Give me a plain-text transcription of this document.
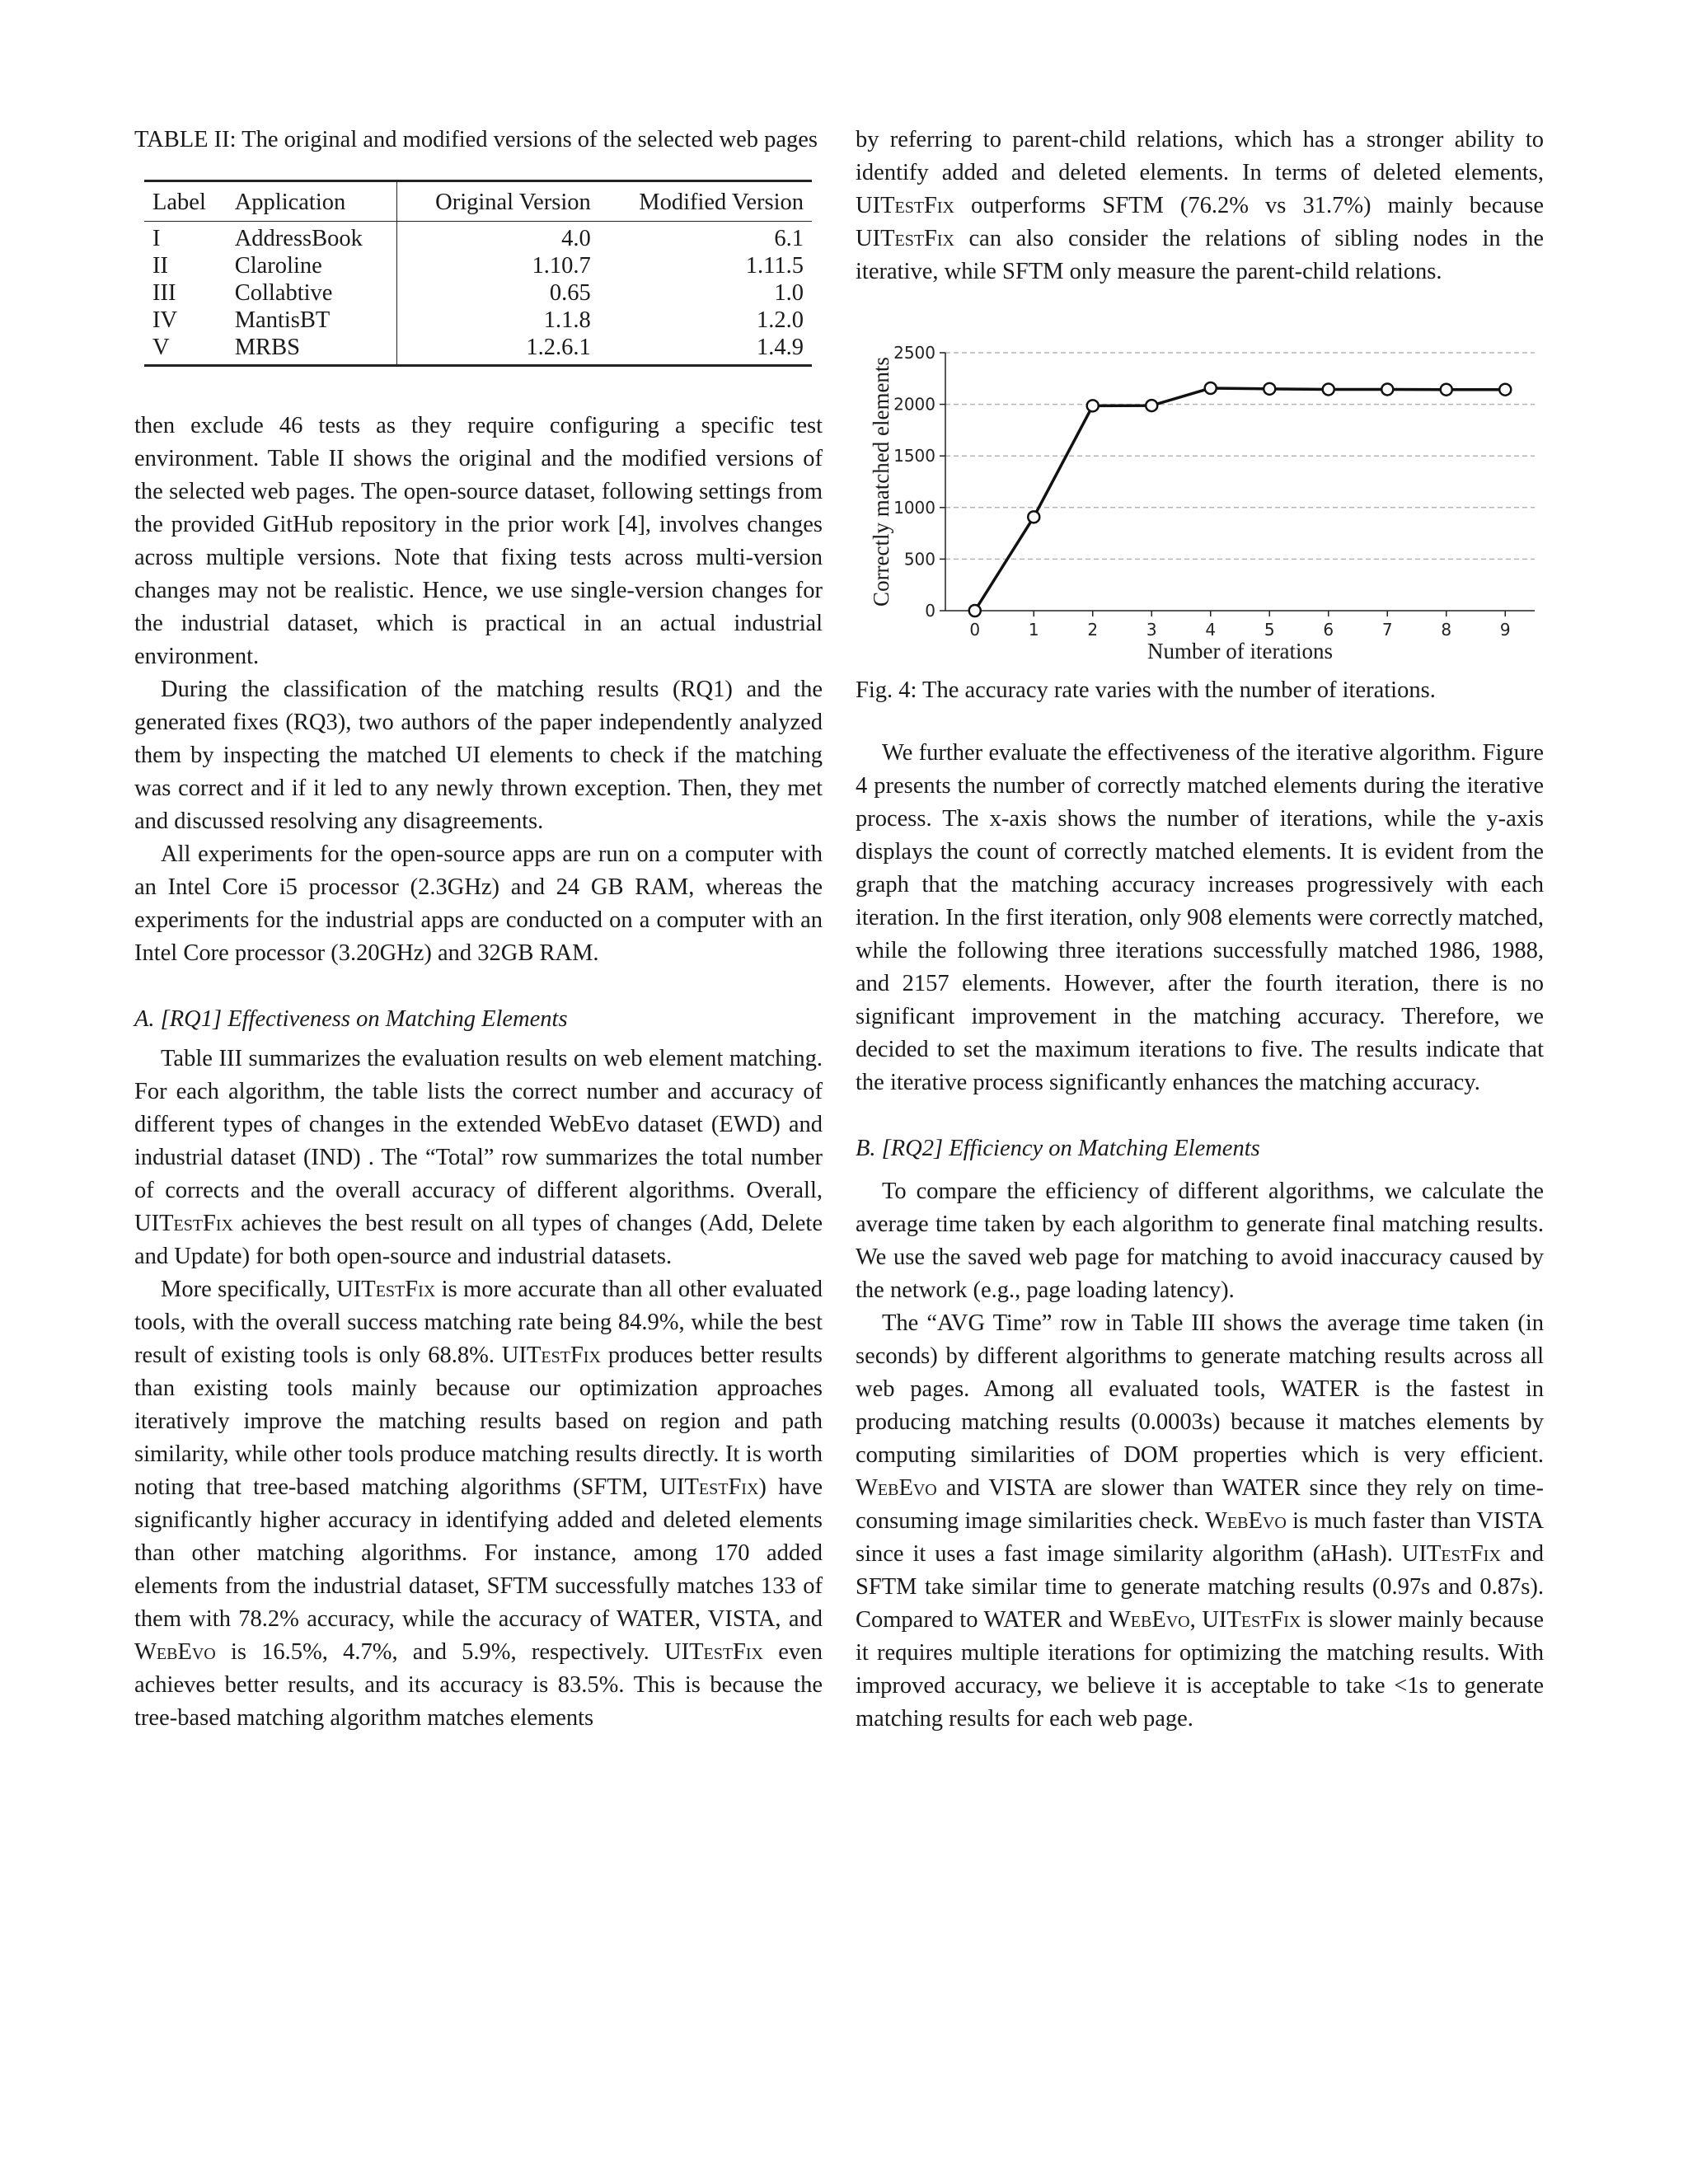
TABLE II: The original and modified versions of the selected web pages
Label	Application	Original Version	Modified Version
I	AddressBook	4.0	6.1
II	Claroline	1.10.7	1.11.5
III	Collabtive	0.65	1.0
IV	MantisBT	1.1.8	1.2.0
V	MRBS	1.2.6.1	1.4.9

then exclude 46 tests as they require configuring a specific test environment. Table II shows the original and the modified versions of the selected web pages. The open-source dataset, following settings from the provided GitHub repository in the prior work [4], involves changes across multiple versions. Note that fixing tests across multi-version changes may not be realistic. Hence, we use single-version changes for the industrial dataset, which is practical in an actual industrial environment.

During the classification of the matching results (RQ1) and the generated fixes (RQ3), two authors of the paper independently analyzed them by inspecting the matched UI elements to check if the matching was correct and if it led to any newly thrown exception. Then, they met and discussed resolving any disagreements.

All experiments for the open-source apps are run on a computer with an Intel Core i5 processor (2.3GHz) and 24 GB RAM, whereas the experiments for the industrial apps are conducted on a computer with an Intel Core processor (3.20GHz) and 32GB RAM.

A. [RQ1] Effectiveness on Matching Elements

Table III summarizes the evaluation results on web element matching. For each algorithm, the table lists the correct number and accuracy of different types of changes in the extended WebEvo dataset (EWD) and industrial dataset (IND) . The “Total” row summarizes the total number of corrects and the overall accuracy of different algorithms. Overall, UITestFix achieves the best result on all types of changes (Add, Delete and Update) for both open-source and industrial datasets.

More specifically, UITestFix is more accurate than all other evaluated tools, with the overall success matching rate being 84.9%, while the best result of existing tools is only 68.8%. UITestFix produces better results than existing tools mainly because our optimization approaches iteratively improve the matching results based on region and path similarity, while other tools produce matching results directly. It is worth noting that tree-based matching algorithms (SFTM, UITestFix) have significantly higher accuracy in identifying added and deleted elements than other matching algorithms. For instance, among 170 added elements from the industrial dataset, SFTM successfully matches 133 of them with 78.2% accuracy, while the accuracy of WATER, VISTA, and WebEvo is 16.5%, 4.7%, and 5.9%, respectively. UITestFix even achieves better results, and its accuracy is 83.5%. This is because the tree-based matching algorithm matches elements

by referring to parent-child relations, which has a stronger ability to identify added and deleted elements. In terms of deleted elements, UITestFix outperforms SFTM (76.2% vs 31.7%) mainly because UITestFix can also consider the relations of sibling nodes in the iterative, while SFTM only measure the parent-child relations.

0
500
1000
1500
2000
2500
0	1	2	3	4	5	6	7	8	9
Number of iterations
Correctly matched elements
Fig. 4: The accuracy rate varies with the number of iterations.

We further evaluate the effectiveness of the iterative algorithm. Figure 4 presents the number of correctly matched elements during the iterative process. The x-axis shows the number of iterations, while the y-axis displays the count of correctly matched elements. It is evident from the graph that the matching accuracy increases progressively with each iteration. In the first iteration, only 908 elements were correctly matched, while the following three iterations successfully matched 1986, 1988, and 2157 elements. However, after the fourth iteration, there is no significant improvement in the matching accuracy. Therefore, we decided to set the maximum iterations to five. The results indicate that the iterative process significantly enhances the matching accuracy.

B. [RQ2] Efficiency on Matching Elements

To compare the efficiency of different algorithms, we calculate the average time taken by each algorithm to generate final matching results. We use the saved web page for matching to avoid inaccuracy caused by the network (e.g., page loading latency).

The “AVG Time” row in Table III shows the average time taken (in seconds) by different algorithms to generate matching results across all web pages. Among all evaluated tools, WATER is the fastest in producing matching results (0.0003s) because it matches elements by computing similarities of DOM properties which is very efficient. WebEvo and VISTA are slower than WATER since they rely on time-consuming image similarities check. WebEvo is much faster than VISTA since it uses a fast image similarity algorithm (aHash). UITestFix and SFTM take similar time to generate matching results (0.97s and 0.87s). Compared to WATER and WebEvo, UITestFix is slower mainly because it requires multiple iterations for optimizing the matching results. With improved accuracy, we believe it is acceptable to take <1s to generate matching results for each web page.
